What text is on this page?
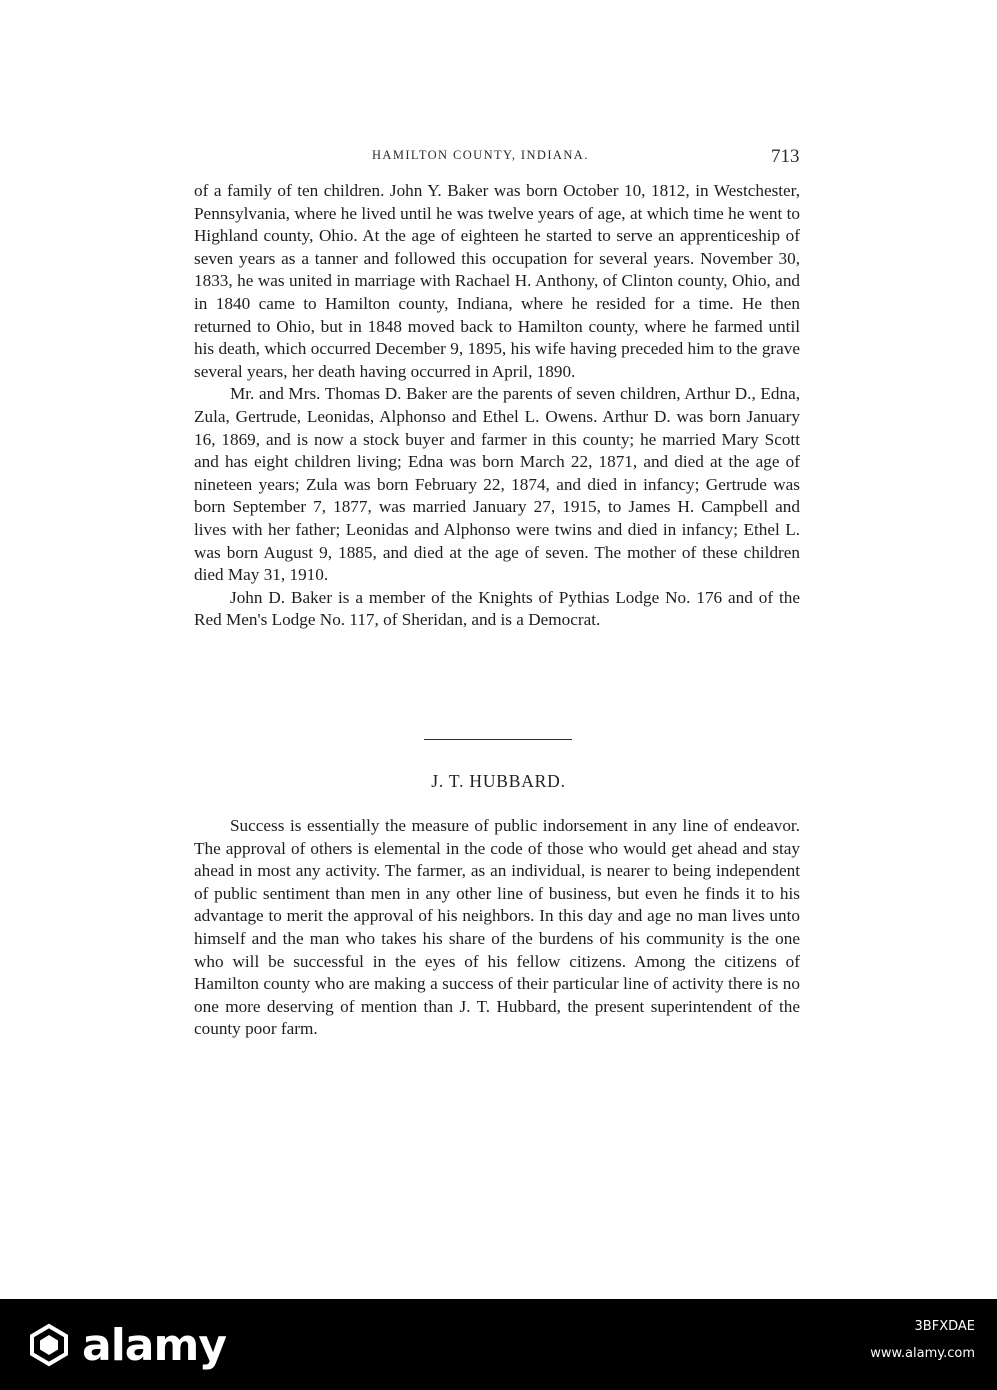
HAMILTON COUNTY, INDIANA.	713

of a family of ten children. John Y. Baker was born October 10, 1812, in Westchester, Pennsylvania, where he lived until he was twelve years of age, at which time he went to Highland county, Ohio. At the age of eighteen he started to serve an apprenticeship of seven years as a tanner and followed this occupation for several years. November 30, 1833, he was united in marriage with Rachael H. Anthony, of Clinton county, Ohio, and in 1840 came to Hamilton county, Indiana, where he resided for a time. He then returned to Ohio, but in 1848 moved back to Hamilton county, where he farmed until his death, which occurred December 9, 1895, his wife having preceded him to the grave several years, her death having occurred in April, 1890.

Mr. and Mrs. Thomas D. Baker are the parents of seven children, Arthur D., Edna, Zula, Gertrude, Leonidas, Alphonso and Ethel L. Owens. Arthur D. was born January 16, 1869, and is now a stock buyer and farmer in this county; he married Mary Scott and has eight children living; Edna was born March 22, 1871, and died at the age of nineteen years; Zula was born February 22, 1874, and died in infancy; Gertrude was born September 7, 1877, was married January 27, 1915, to James H. Campbell and lives with her father; Leonidas and Alphonso were twins and died in infancy; Ethel L. was born August 9, 1885, and died at the age of seven. The mother of these children died May 31, 1910.

John D. Baker is a member of the Knights of Pythias Lodge No. 176 and of the Red Men's Lodge No. 117, of Sheridan, and is a Democrat.

J. T. HUBBARD.

Success is essentially the measure of public indorsement in any line of endeavor. The approval of others is elemental in the code of those who would get ahead and stay ahead in most any activity. The farmer, as an individual, is nearer to being independent of public sentiment than men in any other line of business, but even he finds it to his advantage to merit the approval of his neighbors. In this day and age no man lives unto himself and the man who takes his share of the burdens of his community is the one who will be successful in the eyes of his fellow citizens. Among the citizens of Hamilton county who are making a success of their particular line of activity there is no one more deserving of mention than J. T. Hubbard, the present superintendent of the county poor farm.

alamy	3BFXDAE
www.alamy.com
